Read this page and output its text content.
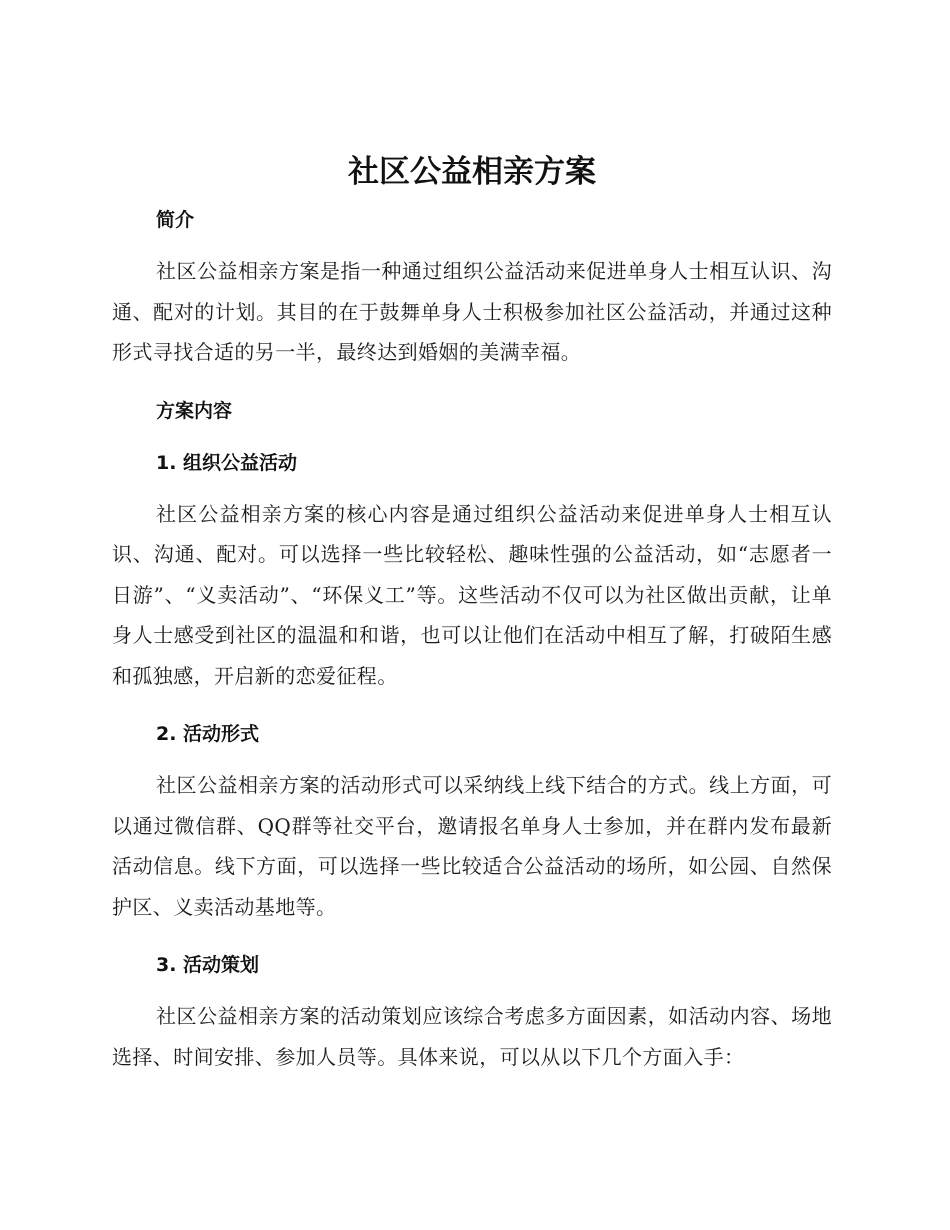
社区公益相亲方案
简介

社区公益相亲方案是指一种通过组织公益活动来促进单身人士相互认识、沟通、配对的计划。其目的在于鼓舞单身人士积极参加社区公益活动，并通过这种形式寻找合适的另一半，最终达到婚姻的美满幸福。

方案内容
1. 组织公益活动

社区公益相亲方案的核心内容是通过组织公益活动来促进单身人士相互认识、沟通、配对。可以选择一些比较轻松、趣味性强的公益活动，如“志愿者一日游”、“义卖活动”、“环保义工”等。这些活动不仅可以为社区做出贡献，让单身人士感受到社区的温温和和谐，也可以让他们在活动中相互了解，打破陌生感和孤独感，开启新的恋爱征程。

2. 活动形式

社区公益相亲方案的活动形式可以采纳线上线下结合的方式。线上方面，可以通过微信群、QQ群等社交平台，邀请报名单身人士参加，并在群内发布最新活动信息。线下方面，可以选择一些比较适合公益活动的场所，如公园、自然保护区、义卖活动基地等。

3. 活动策划

社区公益相亲方案的活动策划应该综合考虑多方面因素，如活动内容、场地选择、时间安排、参加人员等。具体来说，可以从以下几个方面入手：
